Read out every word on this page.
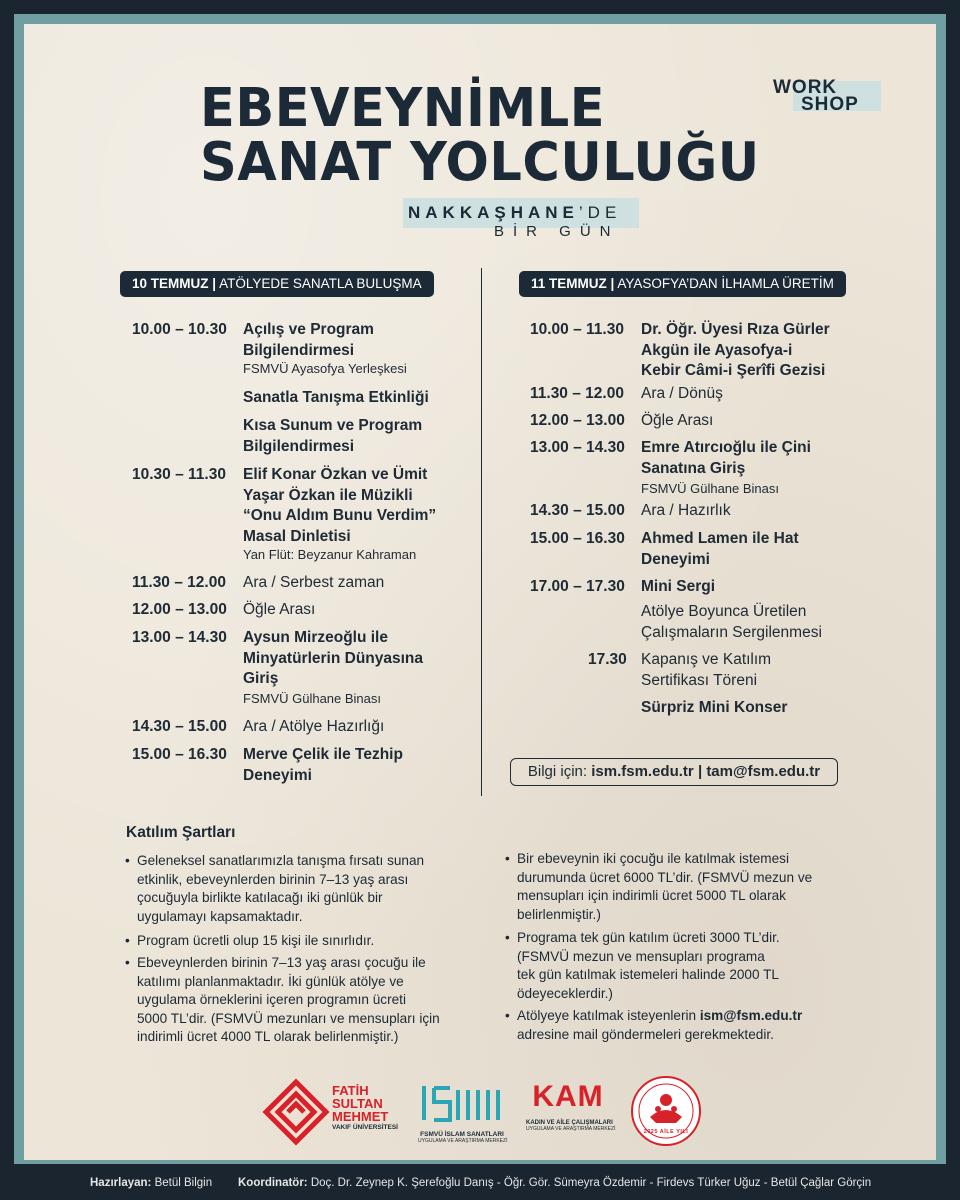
EBEVEYNİMLE
SANAT YOLCULUĞU
WORK
SHOP
NAKKAŞHANE’DE
BİR GÜN
10 TEMMUZ | ATÖLYEDE SANATLA BULUŞMA	11 TEMMUZ | AYASOFYA’DAN İLHAMLA ÜRETİM
10.00 – 10.30 Açılış ve Program
Bilgilendirmesi
FSMVÜ Ayasofya Yerleşkesi
Sanatla Tanışma Etkinliği
Kısa Sunum ve Program
Bilgilendirmesi
10.30 – 11.30 Elif Konar Özkan ve Ümit
Yaşar Özkan ile Müzikli
“Onu Aldım Bunu Verdim”
Masal Dinletisi
Yan Flüt: Beyzanur Kahraman
11.30 – 12.00 Ara / Serbest zaman
12.00 – 13.00 Öğle Arası
13.00 – 14.30 Aysun Mirzeoğlu ile
Minyatürlerin Dünyasına
Giriş
FSMVÜ Gülhane Binası
14.30 – 15.00 Ara / Atölye Hazırlığı
15.00 – 16.30 Merve Çelik ile Tezhip
Deneyimi
10.00 – 11.30 Dr. Öğr. Üyesi Rıza Gürler
Akgün ile Ayasofya-i
Kebir Câmi-i Şerîfi Gezisi
11.30 – 12.00 Ara / Dönüş
12.00 – 13.00 Öğle Arası
13.00 – 14.30 Emre Atırcıoğlu ile Çini
Sanatına Giriş
FSMVÜ Gülhane Binası
14.30 – 15.00 Ara / Hazırlık
15.00 – 16.30 Ahmed Lamen ile Hat
Deneyimi
17.00 – 17.30 Mini Sergi
Atölye Boyunca Üretilen
Çalışmaların Sergilenmesi
17.30 Kapanış ve Katılım
Sertifikası Töreni
Sürpriz Mini Konser
Bilgi için: ism.fsm.edu.tr | tam@fsm.edu.tr
Katılım Şartları
• Geleneksel sanatlarımızla tanışma fırsatı sunan
etkinlik, ebeveynlerden birinin 7–13 yaş arası
çocuğuyla birlikte katılacağı iki günlük bir
uygulamayı kapsamaktadır.
• Program ücretli olup 15 kişi ile sınırlıdır.
• Ebeveynlerden birinin 7–13 yaş arası çocuğu ile
katılımı planlanmaktadır. İki günlük atölye ve
uygulama örneklerini içeren programın ücreti
5000 TL’dir. (FSMVÜ mezunları ve mensupları için
indirimli ücret 4000 TL olarak belirlenmiştir.)
• Bir ebeveynin iki çocuğu ile katılmak istemesi
durumunda ücret 6000 TL’dir. (FSMVÜ mezun ve
mensupları için indirimli ücret 5000 TL olarak
belirlenmiştir.)
• Programa tek gün katılım ücreti 3000 TL’dir.
(FSMVÜ mezun ve mensupları programa
tek gün katılmak istemeleri halinde 2000 TL
ödeyeceklerdir.)
• Atölyeye katılmak isteyenlerin ism@fsm.edu.tr
adresine mail göndermeleri gerekmektedir.
FATİH
SULTAN
MEHMET
VAKIF ÜNİVERSİTESİ
FSMVÜ İSLAM SANATLARI
UYGULAMA VE ARAŞTIRMA MERKEZİ
KAM
KADIN VE AİLE ÇALIŞMALARI
UYGULAMA VE ARAŞTIRMA MERKEZİ	2025 AİLE YILI
Hazırlayan: Betül Bilgin Koordinatör: Doç. Dr. Zeynep K. Şerefoğlu Danış - Öğr. Gör. Sümeyra Özdemir - Firdevs Türker Uğuz - Betül Çağlar Görçin
